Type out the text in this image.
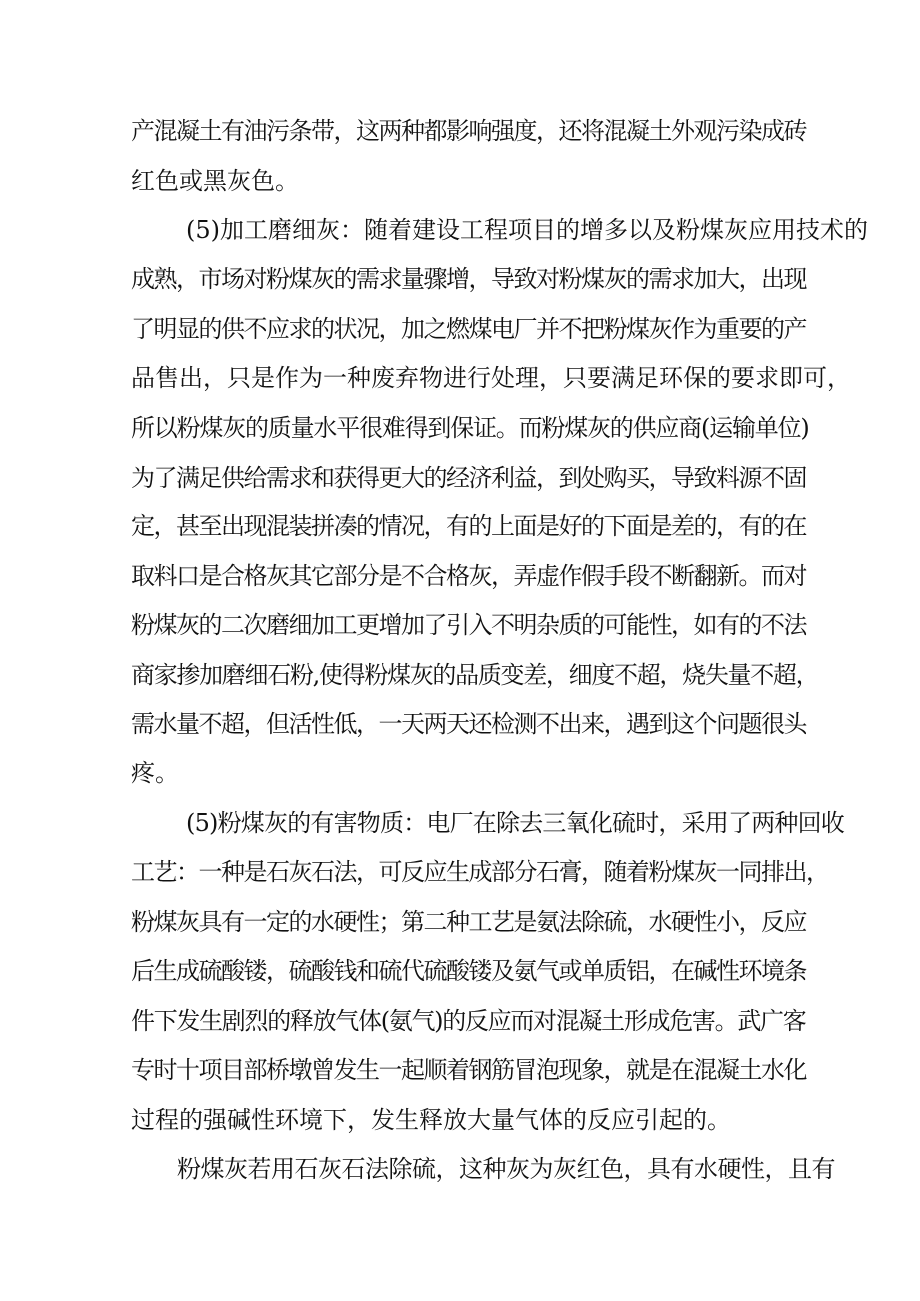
产混凝土有油污条带，这两种都影响强度，还将混凝土外观污染成砖
红色或黑灰色。
(5)加工磨细灰：随着建设工程项目的增多以及粉煤灰应用技术的
成熟，市场对粉煤灰的需求量骤增，导致对粉煤灰的需求加大，出现
了明显的供不应求的状况，加之燃煤电厂并不把粉煤灰作为重要的产
品售出，只是作为一种废弃物进行处理，只要满足环保的要求即可，
所以粉煤灰的质量水平很难得到保证。而粉煤灰的供应商(运输单位)
为了满足供给需求和获得更大的经济利益，到处购买，导致料源不固
定，甚至出现混装拼凑的情况，有的上面是好的下面是差的，有的在
取料口是合格灰其它部分是不合格灰，弄虚作假手段不断翻新。而对
粉煤灰的二次磨细加工更增加了引入不明杂质的可能性，如有的不法
商家掺加磨细石粉,使得粉煤灰的品质变差，细度不超，烧失量不超，
需水量不超，但活性低，一天两天还检测不出来，遇到这个问题很头
疼。
(5)粉煤灰的有害物质：电厂在除去三氧化硫时，采用了两种回收
工艺：一种是石灰石法，可反应生成部分石膏，随着粉煤灰一同排出，
粉煤灰具有一定的水硬性；第二种工艺是氨法除硫，水硬性小，反应
后生成硫酸镂，硫酸钱和硫代硫酸镂及氨气或单质铝，在碱性环境条
件下发生剧烈的释放气体(氨气)的反应而对混凝土形成危害。武广客
专时十项目部桥墩曾发生一起顺着钢筋冒泡现象，就是在混凝土水化
过程的强碱性环境下，发生释放大量气体的反应引起的。
粉煤灰若用石灰石法除硫，这种灰为灰红色，具有水硬性，且有
